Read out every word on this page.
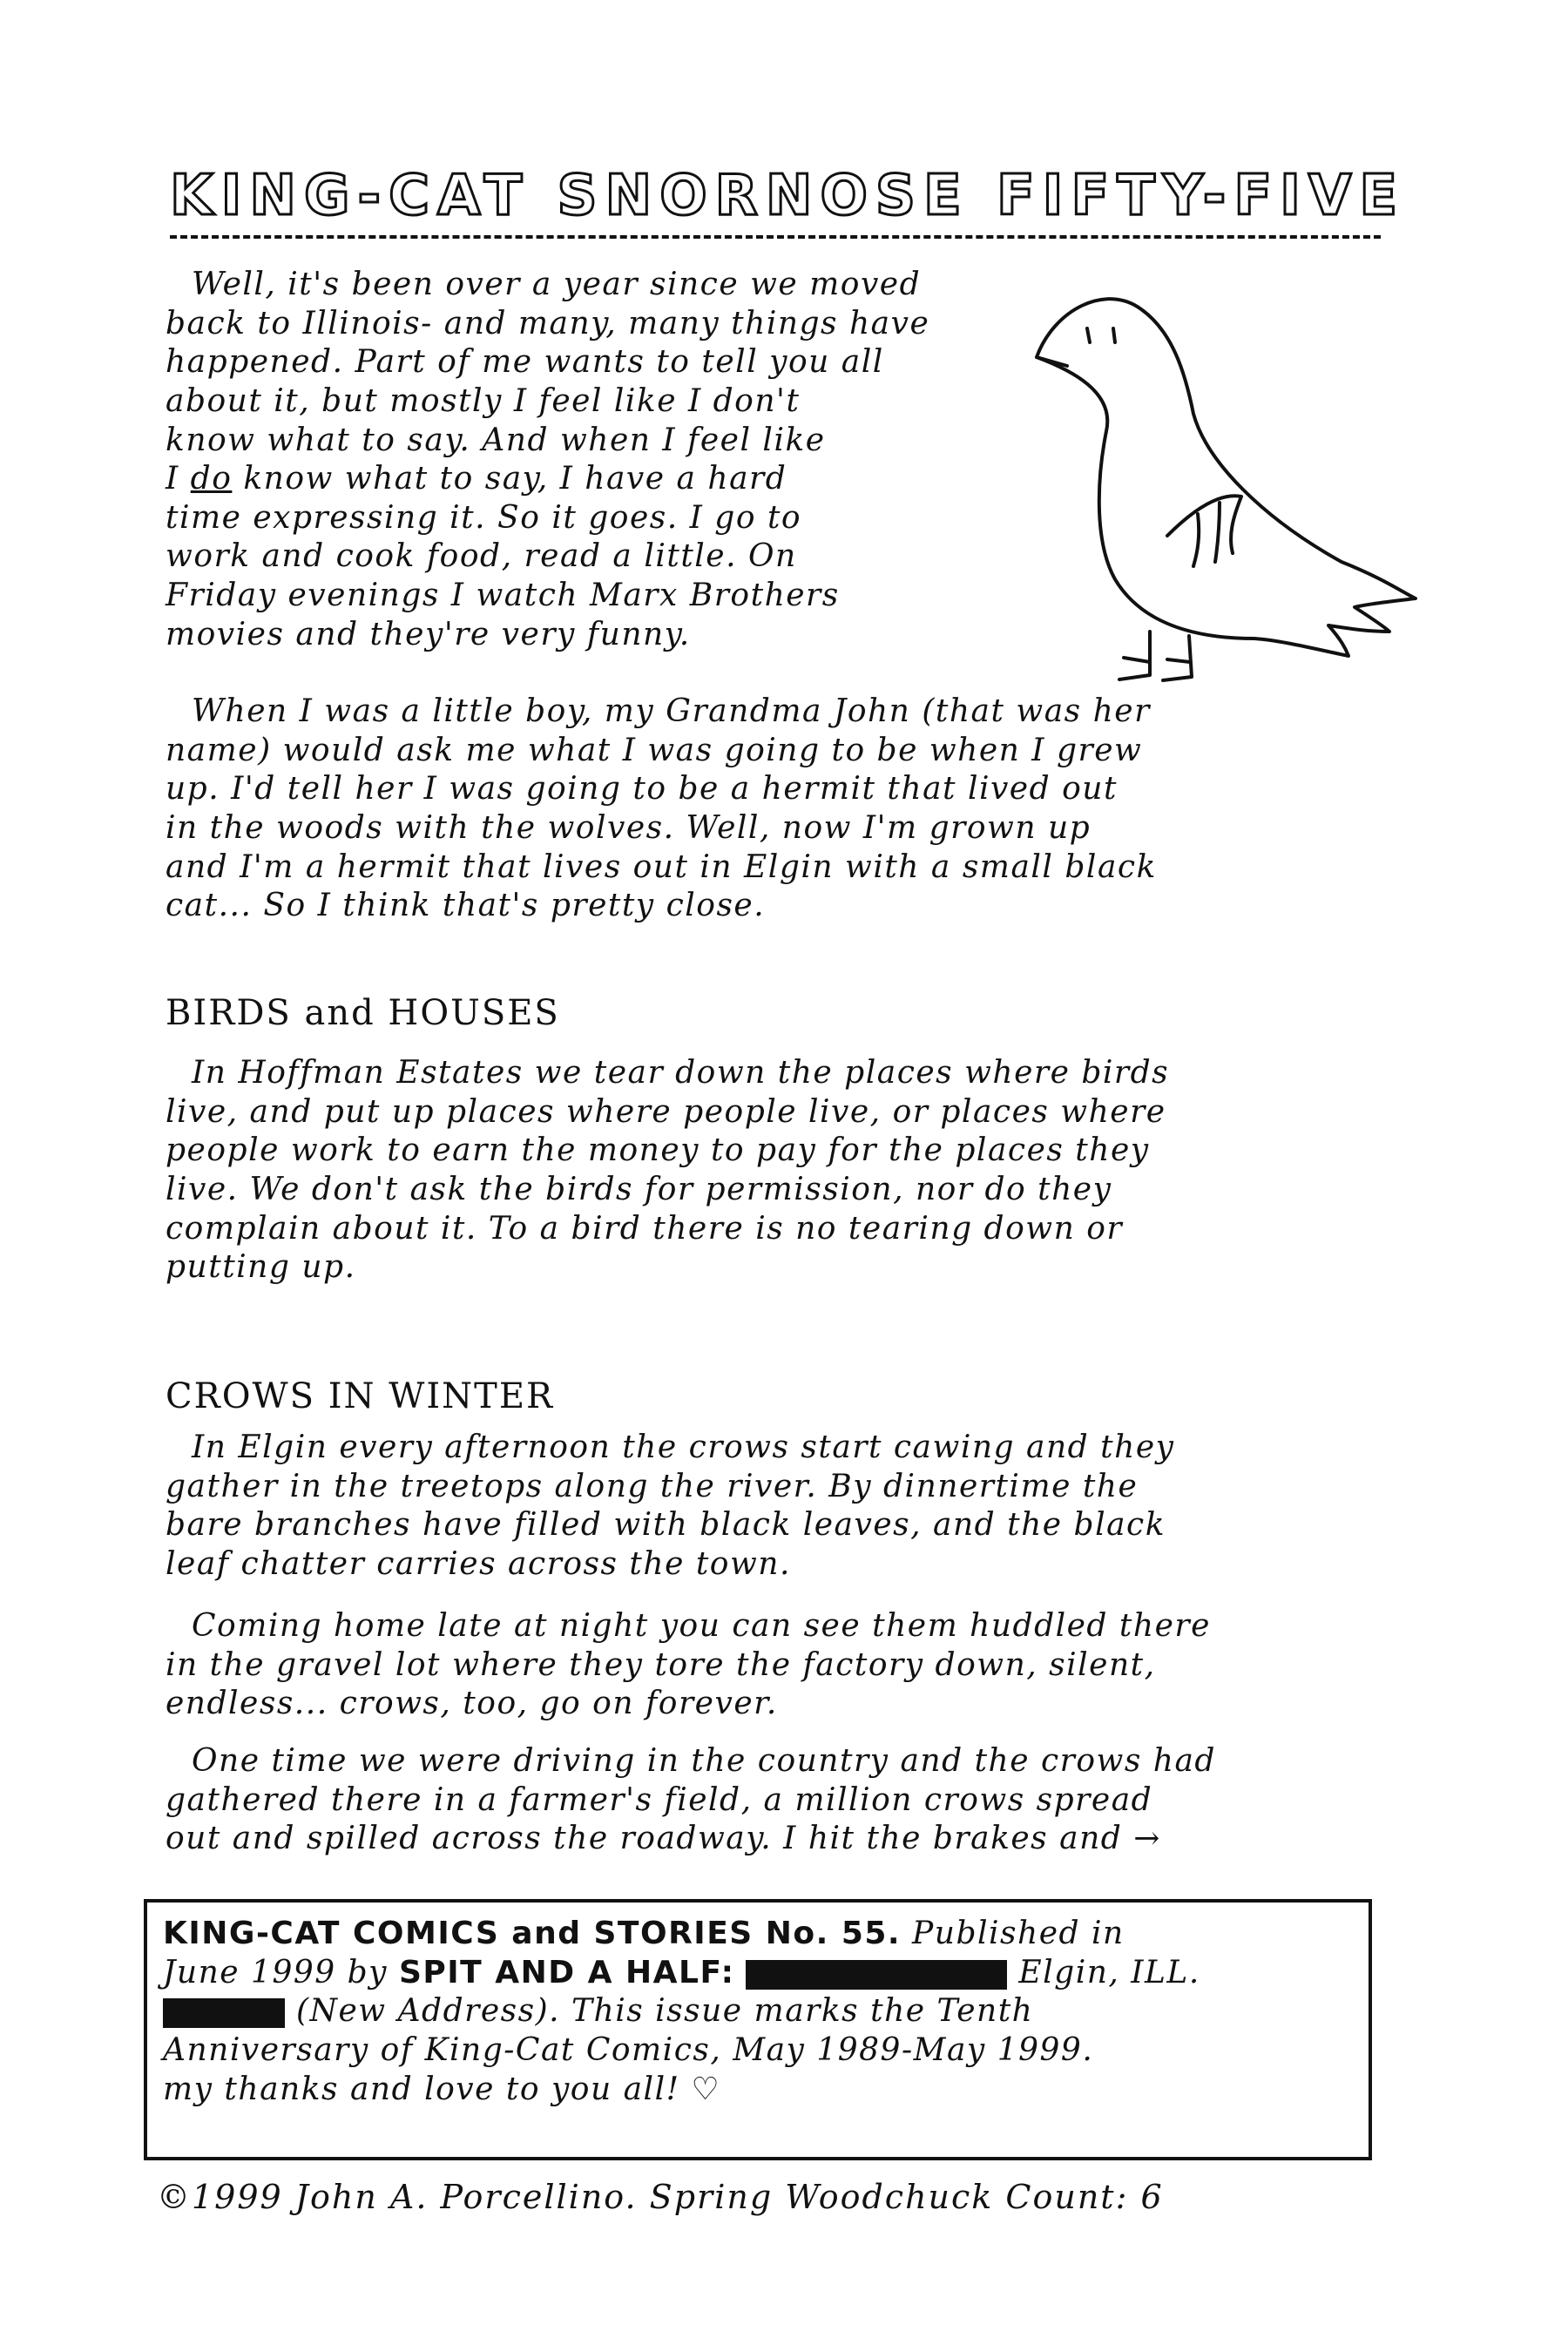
KING-CAT SNORNOSE FIFTY-FIVE
Well, it's been over a year since we moved
back to Illinois- and many, many things have
happened. Part of me wants to tell you all
about it, but mostly I feel like I don't
know what to say. And when I feel like
I do know what to say, I have a hard
time expressing it. So it goes. I go to
work and cook food, read a little. On
Friday evenings I watch Marx Brothers
movies and they're very funny.
When I was a little boy, my Grandma John (that was her
name) would ask me what I was going to be when I grew
up. I'd tell her I was going to be a hermit that lived out
in the woods with the wolves. Well, now I'm grown up
and I'm a hermit that lives out in Elgin with a small black
cat... So I think that's pretty close.
BIRDS and HOUSES
In Hoffman Estates we tear down the places where birds
live, and put up places where people live, or places where
people work to earn the money to pay for the places they
live. We don't ask the birds for permission, nor do they
complain about it. To a bird there is no tearing down or
putting up.
CROWS IN WINTER
In Elgin every afternoon the crows start cawing and they
gather in the treetops along the river. By dinnertime the
bare branches have filled with black leaves, and the black
leaf chatter carries across the town.
Coming home late at night you can see them huddled there
in the gravel lot where they tore the factory down, silent,
endless... crows, too, go on forever.
One time we were driving in the country and the crows had
gathered there in a farmer's field, a million crows spread
out and spilled across the roadway. I hit the brakes and →
KING-CAT COMICS and STORIES No. 55. Published in
June 1999 by SPIT AND A HALF:	Elgin, ILL.
(New Address). This issue marks the Tenth
Anniversary of King-Cat Comics, May 1989-May 1999.
my thanks and love to you all! ♡
©1999 John A. Porcellino. Spring Woodchuck Count: 6
